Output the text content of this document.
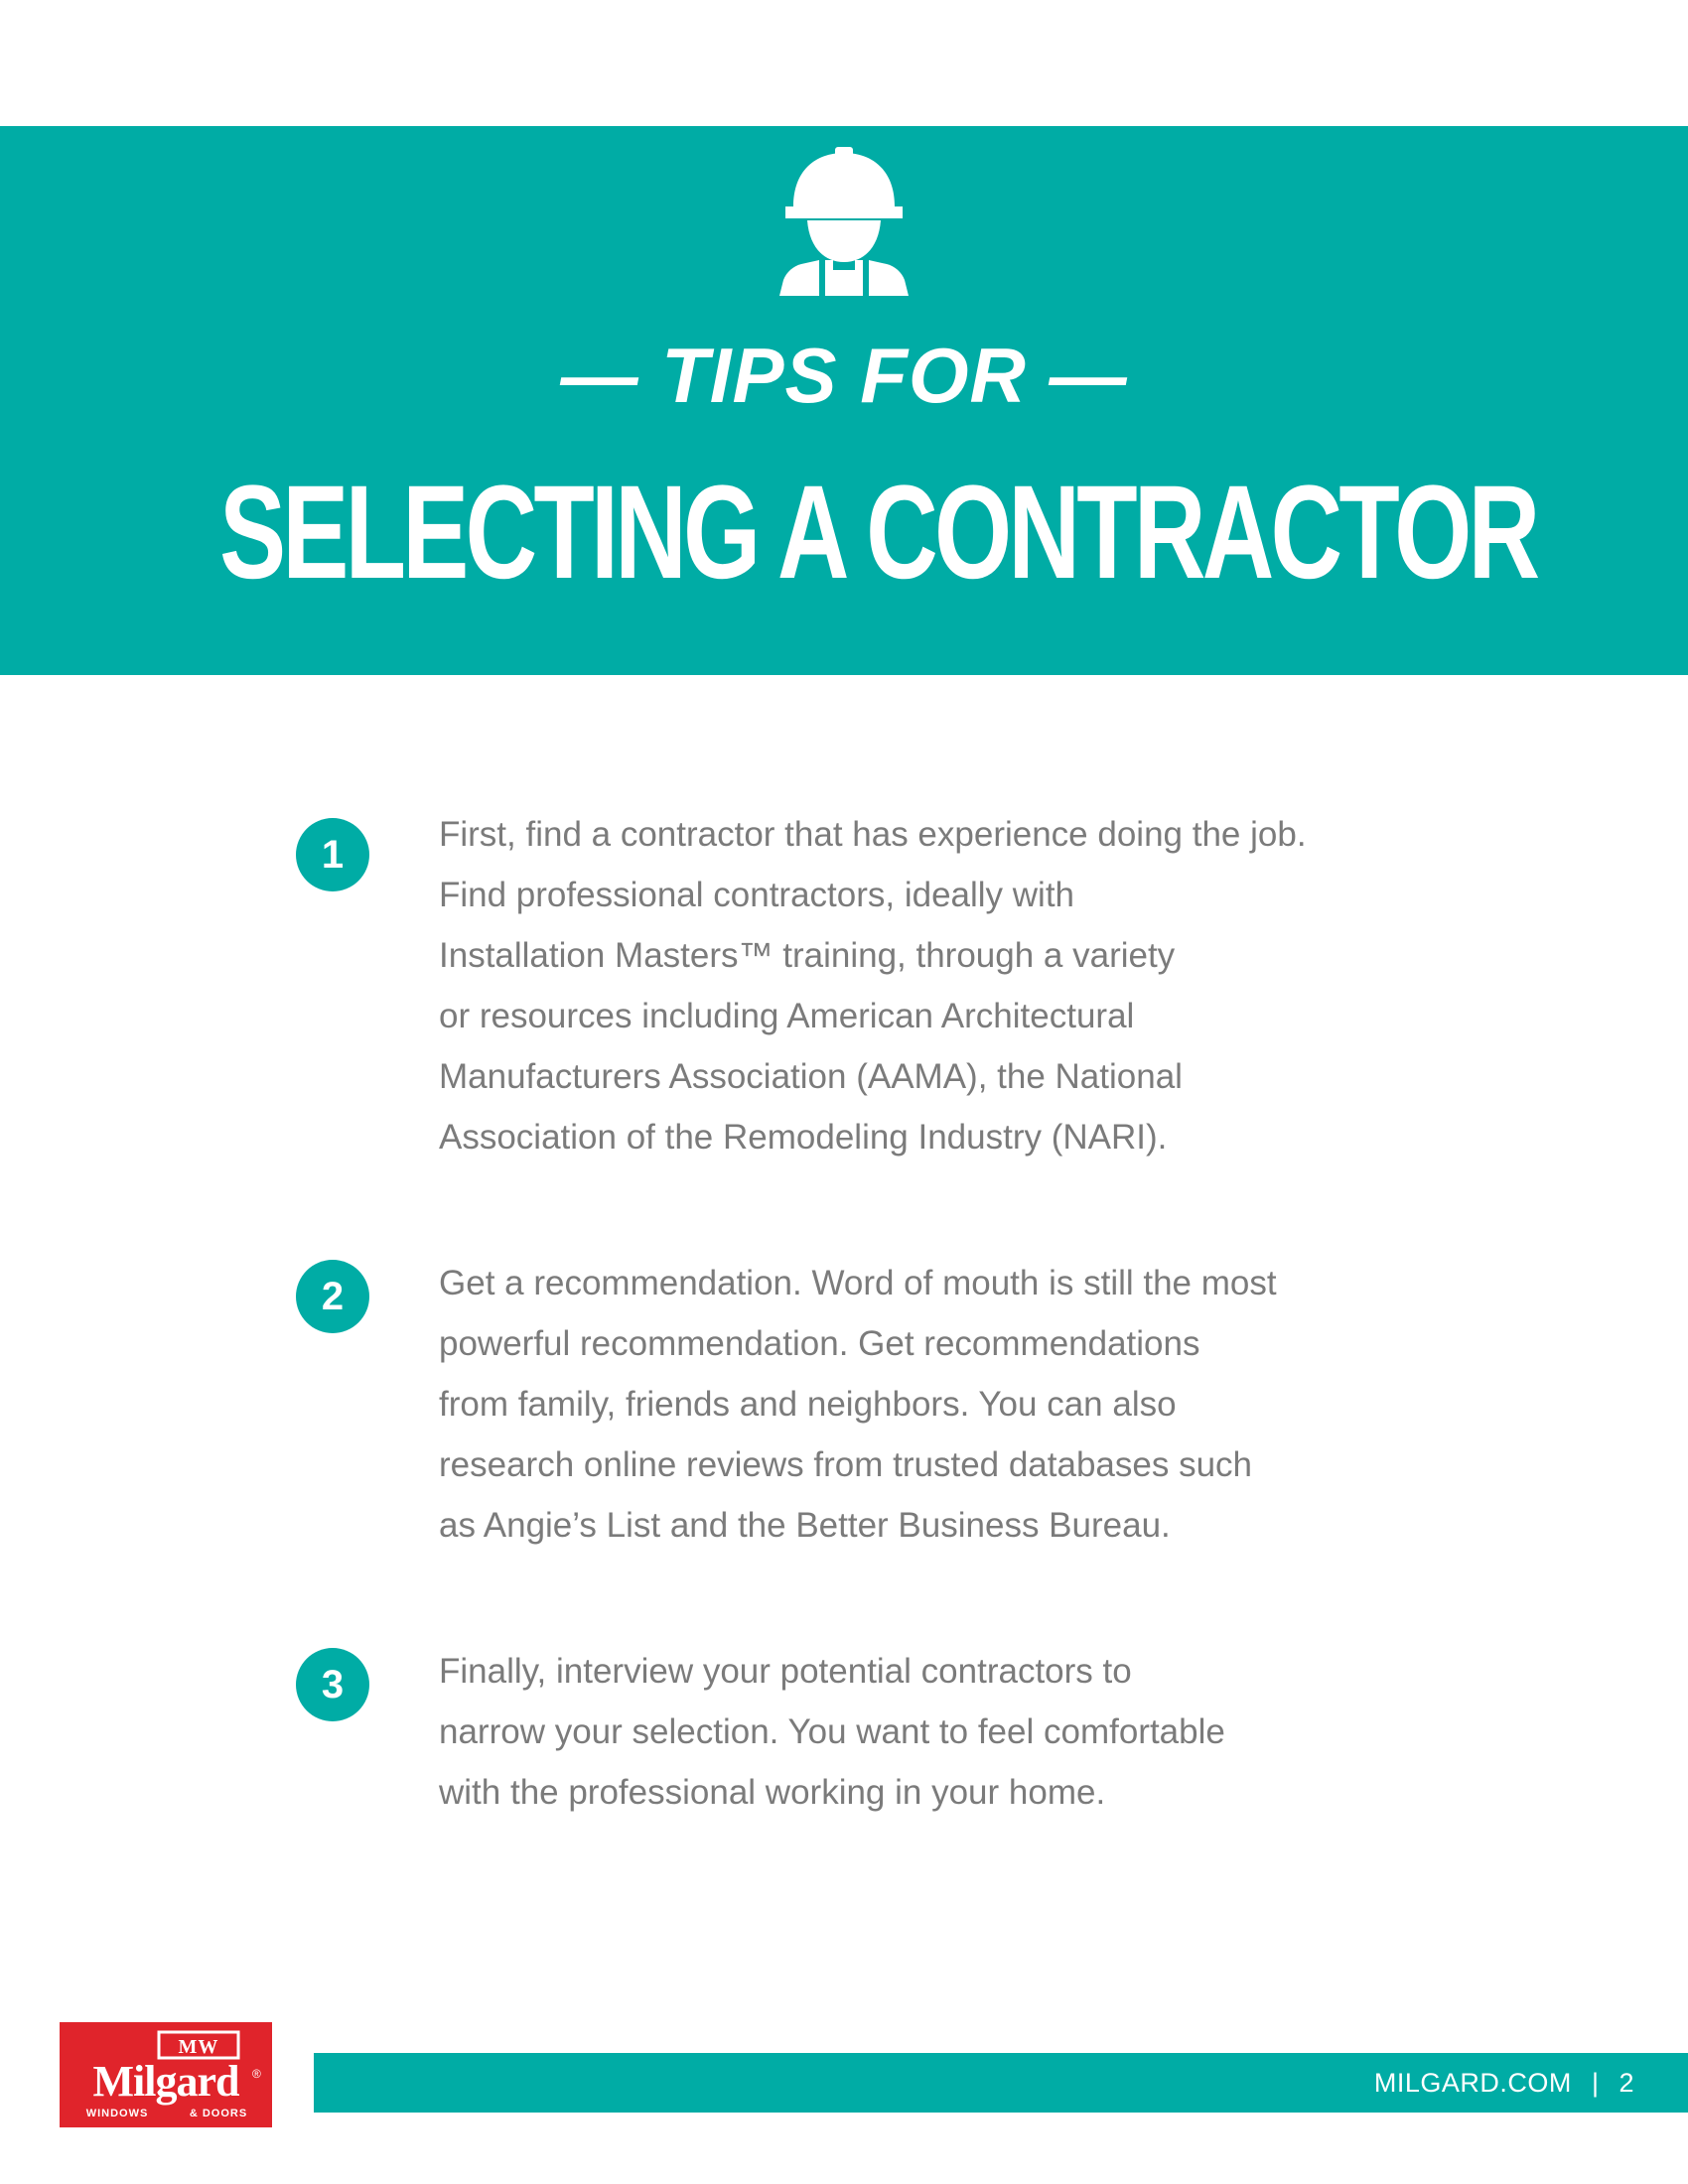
— TIPS FOR —
SELECTING A CONTRACTOR
1	First, find a contractor that has experience doing the job.
Find professional contractors, ideally with
Installation Masters™ training, through a variety
or resources including American Architectural
Manufacturers Association (AAMA), the National
Association of the Remodeling Industry (NARI).

2	Get a recommendation. Word of mouth is still the most
powerful recommendation. Get recommendations
from family, friends and neighbors. You can also
research online reviews from trusted databases such
as Angie’s List and the Better Business Bureau.

3	Finally, interview your potential contractors to
narrow your selection. You want to feel comfortable
with the professional working in your home.

MW
Milgard ®
WINDOWS	& DOORS
MILGARD.COM | 2
